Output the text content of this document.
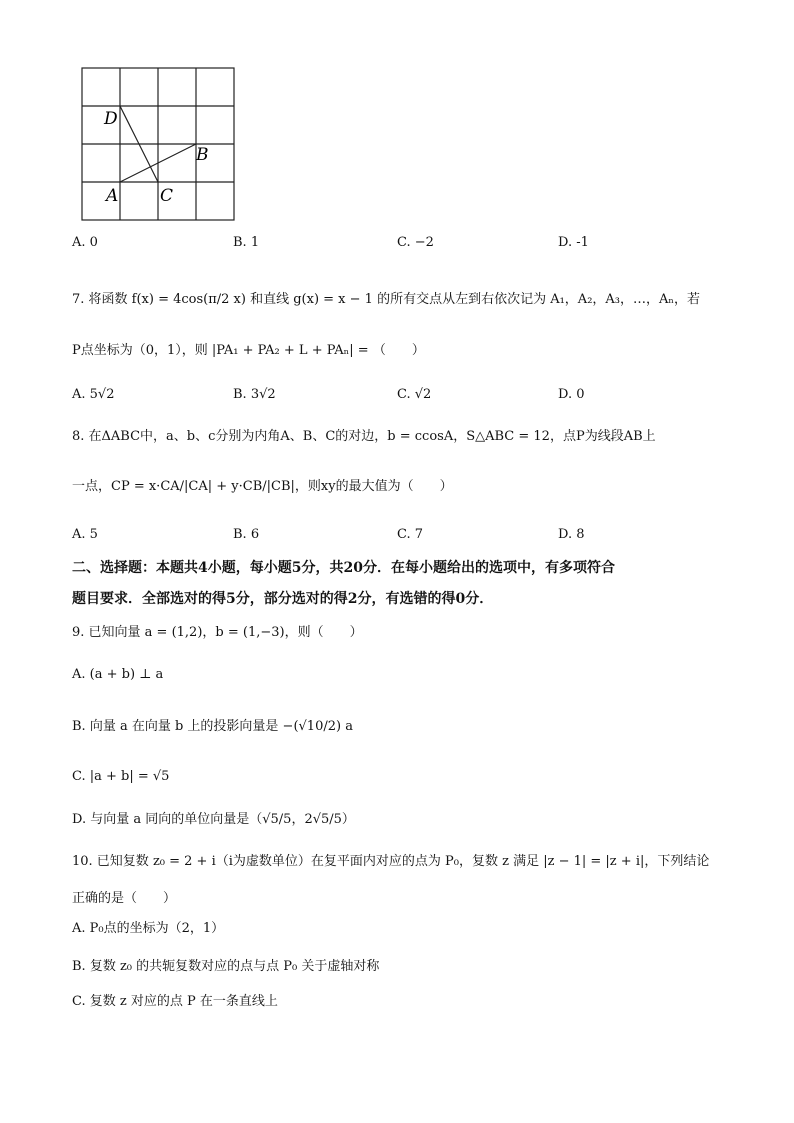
D
B
A C
A. 0	B. 1	C. −2	D. -1
7. 将函数 f(x) = 4cos(π/2 x) 和直线 g(x) = x − 1 的所有交点从左到右依次记为 A₁，A₂，A₃，…，Aₙ，若
P点坐标为（0，1），则 |PA₁ + PA₂ + L + PAₙ| = （　　）
A. 5√2	B. 3√2	C. √2	D. 0
8. 在ΔABC中，a、b、c分别为内角A、B、C的对边，b = ccosA，S△ABC = 12，点P为线段AB上
一点，CP = x·CA/|CA| + y·CB/|CB|，则xy的最大值为（　　）
A. 5	B. 6	C. 7	D. 8
二、选择题：本题共4小题，每小题5分，共20分．在每小题给出的选项中，有多项符合
题目要求．全部选对的得5分，部分选对的得2分，有选错的得0分．
9. 已知向量 a = (1,2)，b = (1,−3)，则（　　）
A. (a + b) ⊥ a
B. 向量 a 在向量 b 上的投影向量是 −(√10/2) a
C. |a + b| = √5
D. 与向量 a 同向的单位向量是（√5/5，2√5/5）
10. 已知复数 z₀ = 2 + i（i为虚数单位）在复平面内对应的点为 P₀，复数 z 满足 |z − 1| = |z + i|，下列结论
正确的是（　　）
A. P₀点的坐标为（2，1）
B. 复数 z₀ 的共轭复数对应的点与点 P₀ 关于虚轴对称
C. 复数 z 对应的点 P 在一条直线上
